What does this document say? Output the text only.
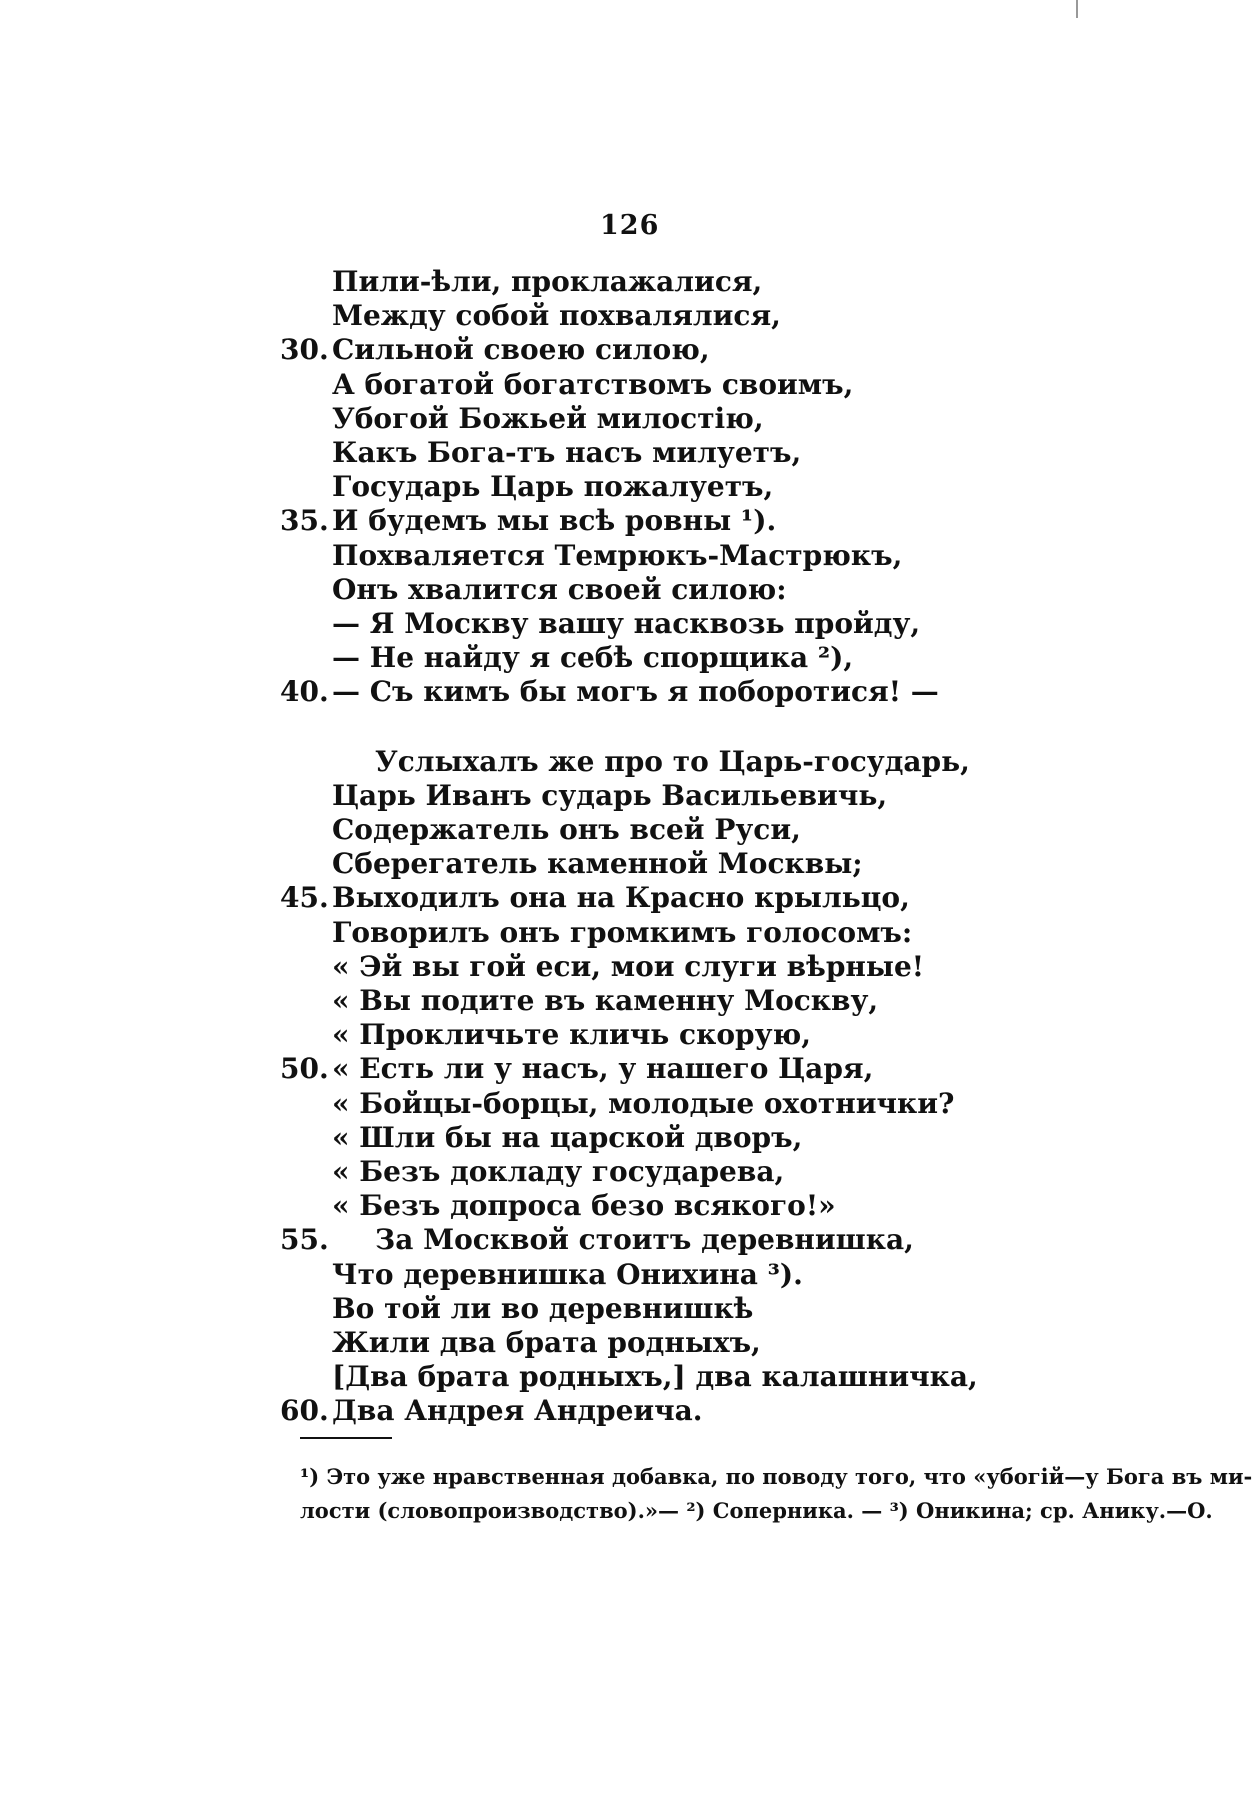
126
Пили-ѣли, проклажалися,
Между собой похвалялися,
30. Сильной своею силою,
А богатой богатствомъ своимъ,
Убогой Божьей милостію,
Какъ Бога-тъ насъ милуетъ,
Государь Царь пожалуетъ,
35. И будемъ мы всѣ ровны ¹).
Похваляется Темрюкъ-Мастрюкъ,
Онъ хвалится своей силою:
— Я Москву вашу насквозь пройду,
— Не найду я себѣ спорщика ²),
40. — Съ кимъ бы могъ я поборотися! —
Услыхалъ же про то Царь-государь,
Царь Иванъ сударь Васильевичь,
Содержатель онъ всей Руси,
Сберегатель каменной Москвы;
45. Выходилъ она на Красно крыльцо,
Говорилъ онъ громкимъ голосомъ:
« Эй вы гой еси, мои слуги вѣрные!
« Вы подите въ каменну Москву,
« Прокличьте кличь скорую,
50. « Есть ли у насъ, у нашего Царя,
« Бойцы-борцы, молодые охотнички?
« Шли бы на царской дворъ,
« Безъ докладу государева,
« Безъ допроса безо всякого!»
55. За Москвой стоитъ деревнишка,
Что деревнишка Онихина ³).
Во той ли во деревнишкѣ
Жили два брата родныхъ,
[Два брата родныхъ,] два калашничка,
60. Два Андрея Андреича.
¹) Это уже нравственная добавка, по поводу того, что «убогій—у Бога въ ми-
лости (словопроизводство).»— ²) Соперника. — ³) Оникина; ср. Анику.—О.
